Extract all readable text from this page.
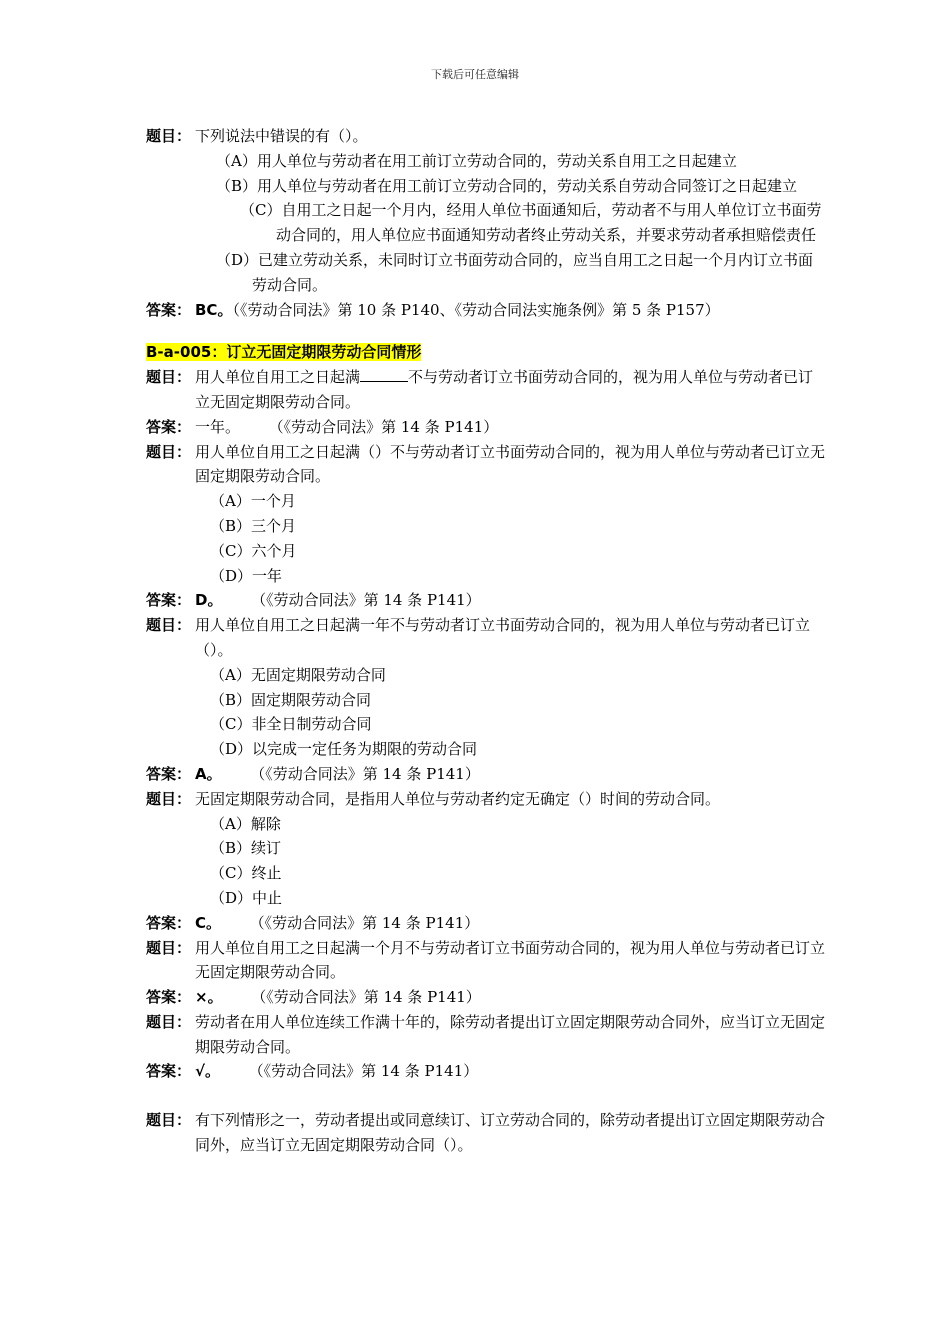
下载后可任意编辑
题目： 下列说法中错误的有（）。
（A）用人单位与劳动者在用工前订立劳动合同的，劳动关系自用工之日起建立
（B）用人单位与劳动者在用工前订立劳动合同的，劳动关系自劳动合同签订之日起建立
（C）自用工之日起一个月内，经用人单位书面通知后，劳动者不与用人单位订立书面劳动合同的，用人单位应书面通知劳动者终止劳动关系，并要求劳动者承担赔偿责任
（D）已建立劳动关系，未同时订立书面劳动合同的，应当自用工之日起一个月内订立书面劳动合同。
答案： BC。（《劳动合同法》第 10 条 P140、《劳动合同法实施条例》第 5 条 P157）
B-a-005：订立无固定期限劳动合同情形
题目： 用人单位自用工之日起满	不与劳动者订立书面劳动合同的，视为用人单位与劳动者已订立无固定期限劳动合同。
答案： 一年。 （《劳动合同法》第 14 条 P141）
题目： 用人单位自用工之日起满（）不与劳动者订立书面劳动合同的，视为用人单位与劳动者已订立无固定期限劳动合同。
（A）一个月
（B）三个月
（C）六个月
（D）一年
答案： D。 （《劳动合同法》第 14 条 P141）
题目： 用人单位自用工之日起满一年不与劳动者订立书面劳动合同的，视为用人单位与劳动者已订立（）。
（A）无固定期限劳动合同
（B）固定期限劳动合同
（C）非全日制劳动合同
（D）以完成一定任务为期限的劳动合同
答案： A。 （《劳动合同法》第 14 条 P141）
题目： 无固定期限劳动合同，是指用人单位与劳动者约定无确定（）时间的劳动合同。
（A）解除
（B）续订
（C）终止
（D）中止
答案： C。 （《劳动合同法》第 14 条 P141）
题目： 用人单位自用工之日起满一个月不与劳动者订立书面劳动合同的，视为用人单位与劳动者已订立无固定期限劳动合同。
答案： ×。 （《劳动合同法》第 14 条 P141）
题目： 劳动者在用人单位连续工作满十年的，除劳动者提出订立固定期限劳动合同外，应当订立无固定期限劳动合同。
答案： √。 （《劳动合同法》第 14 条 P141）
题目： 有下列情形之一，劳动者提出或同意续订、订立劳动合同的，除劳动者提出订立固定期限劳动合同外，应当订立无固定期限劳动合同（）。
